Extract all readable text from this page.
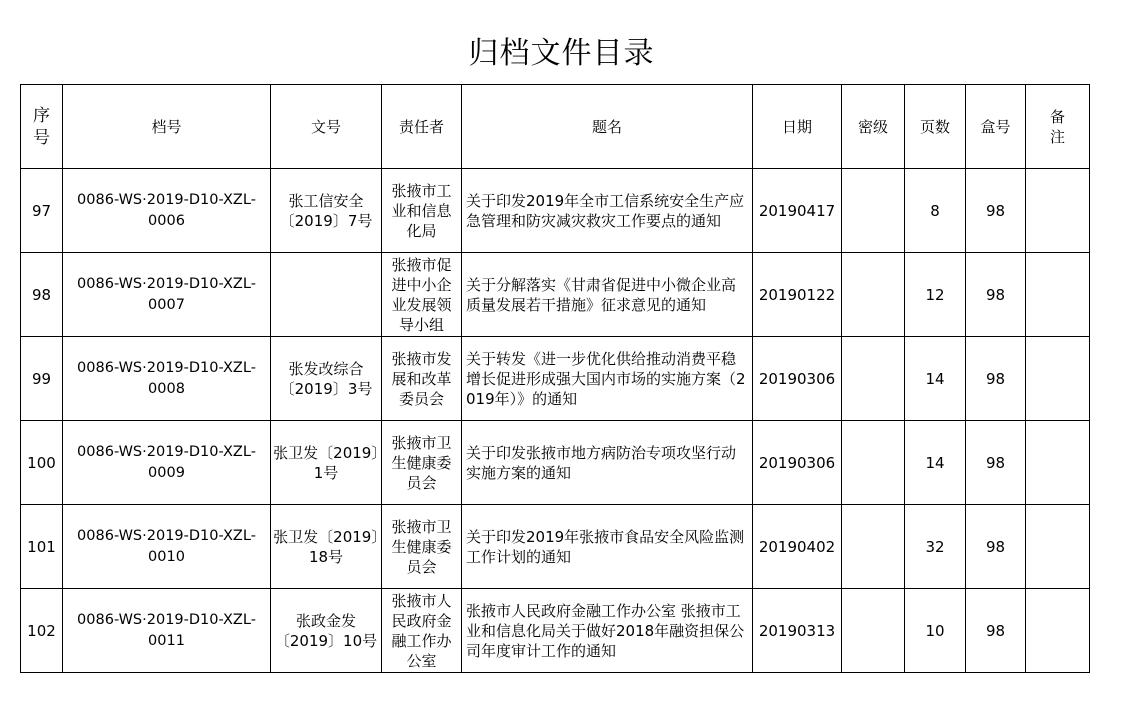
归档文件目录
序号	档号	文号	责任者	题名	日期	密级	页数	盒号	备注
97	0086-WS·2019-D10-XZL-0006	张工信安全〔2019〕7号	张掖市工业和信息化局	关于印发2019年全市工信系统安全生产应急管理和防灾减灾救灾工作要点的通知	20190417		8	98	
98	0086-WS·2019-D10-XZL-0007		张掖市促进中小企业发展领导小组	关于分解落实《甘肃省促进中小微企业高质量发展若干措施》征求意见的通知	20190122		12	98	
99	0086-WS·2019-D10-XZL-0008	张发改综合〔2019〕3号	张掖市发展和改革委员会	关于转发《进一步优化供给推动消费平稳增长促进形成强大国内市场的实施方案（2019年）》的通知	20190306		14	98	
100	0086-WS·2019-D10-XZL-0009	张卫发〔2019〕1号	张掖市卫生健康委员会	关于印发张掖市地方病防治专项攻坚行动实施方案的通知	20190306		14	98	
101	0086-WS·2019-D10-XZL-0010	张卫发〔2019〕18号	张掖市卫生健康委员会	关于印发2019年张掖市食品安全风险监测工作计划的通知	20190402		32	98	
102	0086-WS·2019-D10-XZL-0011	张政金发〔2019〕10号	张掖市人民政府金融工作办公室	张掖市人民政府金融工作办公室 张掖市工业和信息化局关于做好2018年融资担保公司年度审计工作的通知	20190313		10	98	
